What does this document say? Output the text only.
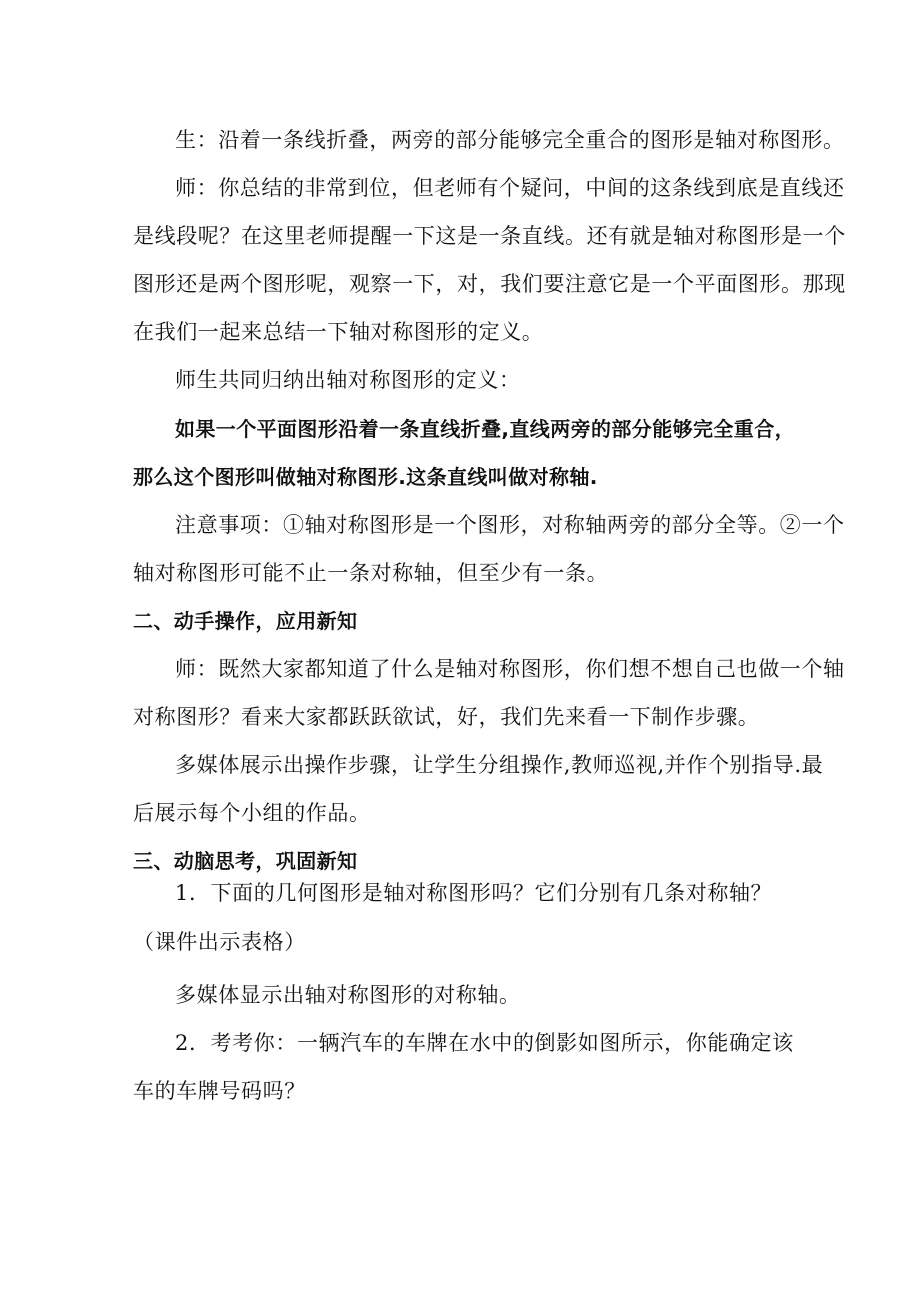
生：沿着一条线折叠，两旁的部分能够完全重合的图形是轴对称图形。
师：你总结的非常到位，但老师有个疑问，中间的这条线到底是直线还
是线段呢？在这里老师提醒一下这是一条直线。还有就是轴对称图形是一个
图形还是两个图形呢，观察一下，对，我们要注意它是一个平面图形。那现
在我们一起来总结一下轴对称图形的定义。
师生共同归纳出轴对称图形的定义：
如果一个平面图形沿着一条直线折叠,直线两旁的部分能够完全重合，
那么这个图形叫做轴对称图形.这条直线叫做对称轴.
注意事项：①轴对称图形是一个图形，对称轴两旁的部分全等。②一个
轴对称图形可能不止一条对称轴，但至少有一条。
二、动手操作，应用新知
师：既然大家都知道了什么是轴对称图形，你们想不想自己也做一个轴
对称图形？看来大家都跃跃欲试，好，我们先来看一下制作步骤。
多媒体展示出操作步骤，让学生分组操作,教师巡视,并作个别指导.最
后展示每个小组的作品。
三、动脑思考，巩固新知
1．下面的几何图形是轴对称图形吗？它们分别有几条对称轴？
（课件出示表格）
多媒体显示出轴对称图形的对称轴。
2．考考你：一辆汽车的车牌在水中的倒影如图所示，你能确定该
车的车牌号码吗？
